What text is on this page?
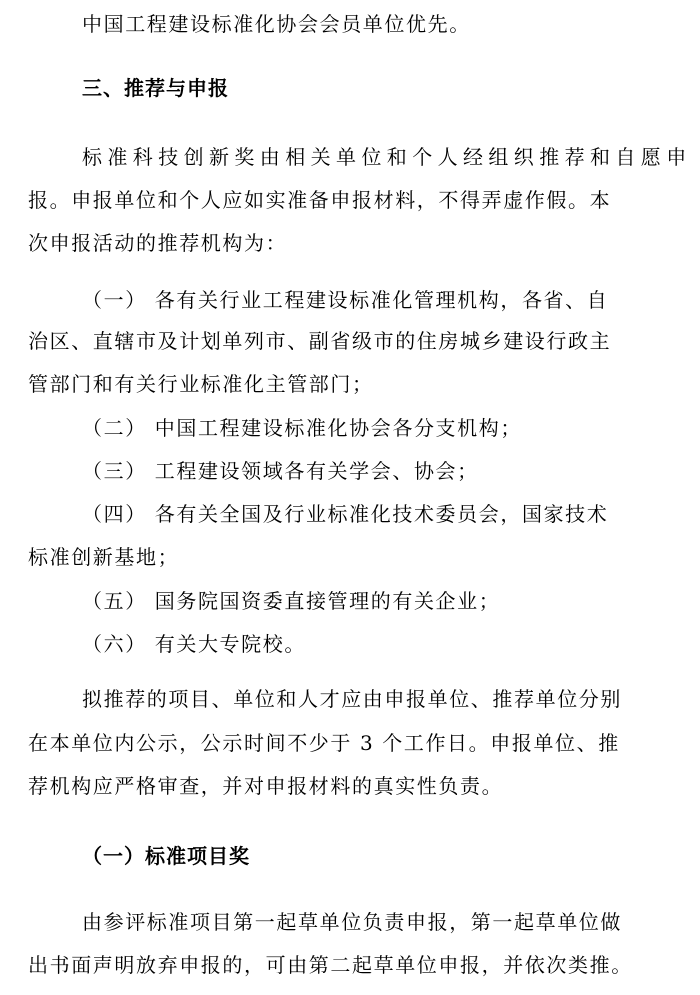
中国工程建设标准化协会会员单位优先。
三、推荐与申报
标准科技创新奖由相关单位和个人经组织推荐和自愿申
报。申报单位和个人应如实准备申报材料，不得弄虚作假。本
次申报活动的推荐机构为：
（一） 各有关行业工程建设标准化管理机构，各省、自
治区、直辖市及计划单列市、副省级市的住房城乡建设行政主
管部门和有关行业标准化主管部门；
（二） 中国工程建设标准化协会各分支机构；
（三） 工程建设领域各有关学会、协会；
（四） 各有关全国及行业标准化技术委员会，国家技术
标准创新基地；
（五） 国务院国资委直接管理的有关企业；
（六） 有关大专院校。
拟推荐的项目、单位和人才应由申报单位、推荐单位分别
在本单位内公示，公示时间不少于 3 个工作日。申报单位、推
荐机构应严格审查，并对申报材料的真实性负责。
（一）标准项目奖
由参评标准项目第一起草单位负责申报，第一起草单位做
出书面声明放弃申报的，可由第二起草单位申报，并依次类推。
